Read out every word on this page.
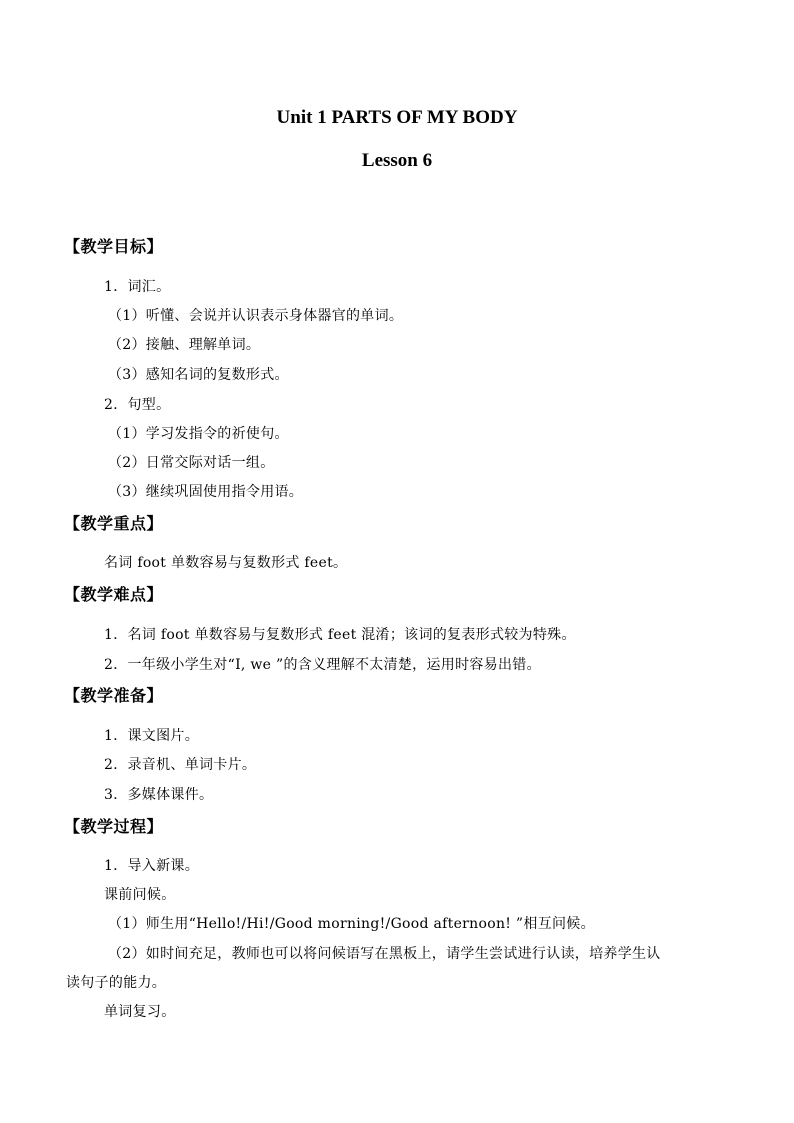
Unit 1 PARTS OF MY BODY
Lesson 6
【教学目标】
1．词汇。
（1）听懂、会说并认识表示身体器官的单词。
（2）接触、理解单词。
（3）感知名词的复数形式。
2．句型。
（1）学习发指令的祈使句。
（2）日常交际对话一组。
（3）继续巩固使用指令用语。
【教学重点】
名词 foot 单数容易与复数形式 feet。
【教学难点】
1．名词 foot 单数容易与复数形式 feet 混淆；该词的复表形式较为特殊。
2．一年级小学生对“I, we ”的含义理解不太清楚，运用时容易出错。
【教学准备】
1．课文图片。
2．录音机、单词卡片。
3．多媒体课件。
【教学过程】
1．导入新课。
课前问候。
（1）师生用“Hello!/Hi!/Good morning!/Good afternoon! ”相互问候。
（2）如时间充足，教师也可以将问候语写在黑板上，请学生尝试进行认读，培养学生认
读句子的能力。
单词复习。
